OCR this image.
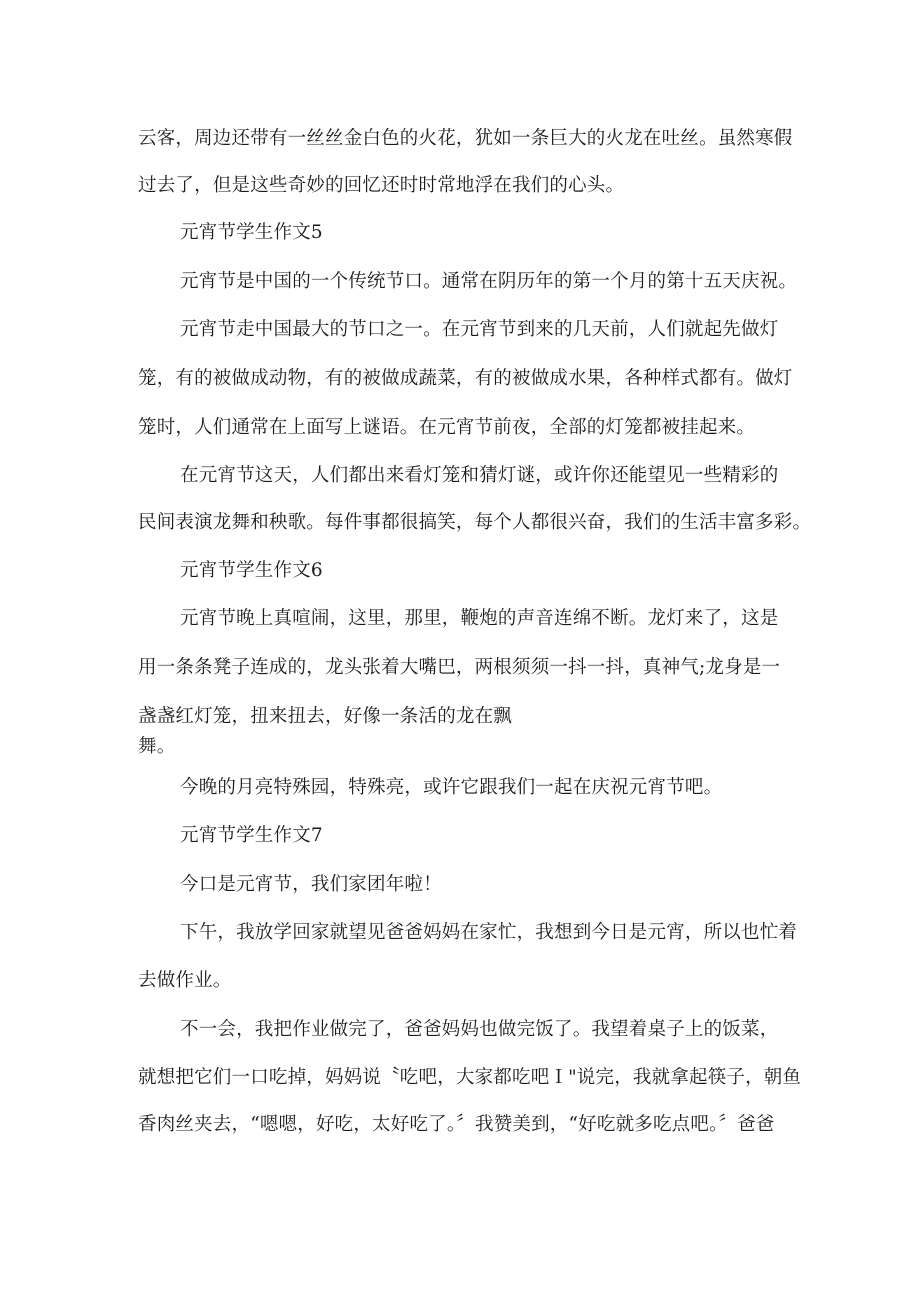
云客，周边还带有一丝丝金白色的火花，犹如一条巨大的火龙在吐丝。虽然寒假
过去了，但是这些奇妙的回忆还时时常地浮在我们的心头。
元宵节学生作文5
元宵节是中国的一个传统节口。通常在阴历年的第一个月的第十五天庆祝。
元宵节走中国最大的节口之一。在元宵节到来的几天前，人们就起先做灯
笼，有的被做成动物，有的被做成蔬菜，有的被做成水果，各种样式都有。做灯
笼时，人们通常在上面写上谜语。在元宵节前夜，全部的灯笼都被挂起来。
在元宵节这天，人们都出来看灯笼和猜灯谜，或许你还能望见一些精彩的
民间表演龙舞和秧歌。每件事都很搞笑，每个人都很兴奋，我们的生活丰富多彩。
元宵节学生作文6
元宵节晚上真喧闹，这里，那里，鞭炮的声音连绵不断。龙灯来了，这是
用一条条凳子连成的，龙头张着大嘴巴，两根须须一抖一抖，真神气;龙身是一
盏盏红灯笼，扭来扭去，好像一条活的龙在飘
舞。
今晚的月亮特殊园，特殊亮，或许它跟我们一起在庆祝元宵节吧。
元宵节学生作文7
今口是元宵节，我们家团年啦！
下午，我放学回家就望见爸爸妈妈在家忙，我想到今日是元宵，所以也忙着
去做作业。
不一会，我把作业做完了，爸爸妈妈也做完饭了。我望着桌子上的饭菜，
就想把它们一口吃掉，妈妈说〝吃吧，大家都吃吧Ｉ"说完，我就拿起筷子，朝鱼
香肉丝夹去，“嗯嗯，好吃，太好吃了。〞我赞美到，“好吃就多吃点吧。〞爸爸
